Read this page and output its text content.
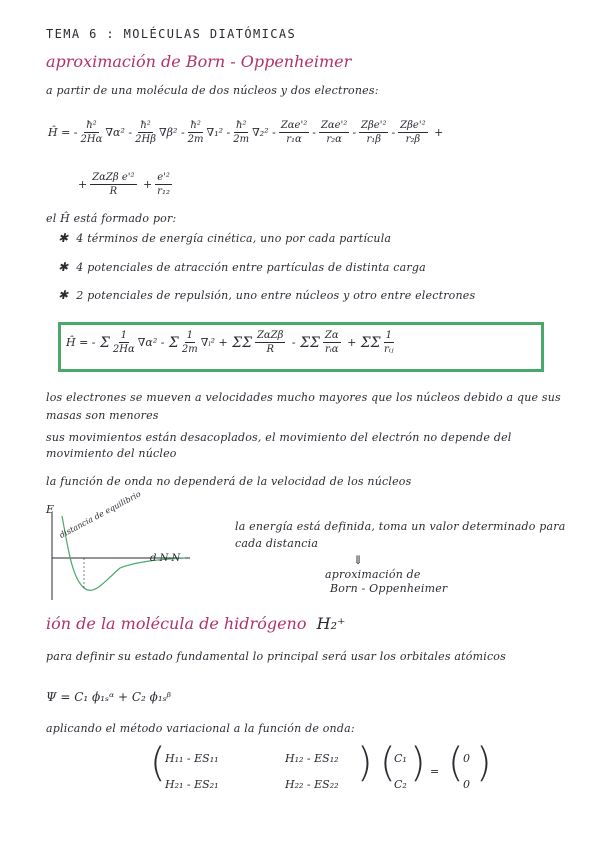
TEMA 6 : MOLÉCULAS DIATÓMICAS
aproximación de Born - Oppenheimer
a partir de una molécula de dos núcleos y dos electrones:
Ĥ = - $\frac{\text{ħ²}}{2H\alpha} \nabla\alpha^2 - \frac{\text{ħ²}}{2H\beta} \nabla\beta^2 - \frac{\text{ħ²}}{2m} \nabla_1^2 - \frac{\text{ħ²}}{2m} \nabla_2^2 - \frac{\text{Zαe'²}}{\text{r₁α}} - \frac{\text{Zαe'²}}{\text{r₂α}} - \frac{\text{Zβe'²}}{\text{r₁β}} - \frac{\text{Zβe'²}}{\text{r₂β}}$ +
+ $\frac{\text{ZαZβ e'²}}{R} + \frac{\text{e'²}}{\text{r₁₂}}$
el Ĥ está formado por:
✱  4 términos de energía cinética, uno por cada partícula
✱  4 potenciales de atracción entre partículas de distinta carga
✱  2 potenciales de repulsión, uno entre núcleos y otro entre electrones
Ĥ = - Σ $\frac{1}{2H\alpha} \nabla\alpha^2$ - Σ $\frac{1}{2m}$ ∇ᵢ² + ΣΣ $\frac{\text{ZαZβ}}{R} - \Sigma\Sigma \frac{Z\alpha}{\text{rᵢα}} + \Sigma\Sigma \frac{1}{\text{rᵢⱼ}}$
los electrones se mueven a velocidades mucho mayores que los núcleos debido a que sus masas son menores
sus movimientos están desacoplados, el movimiento del electrón no depende del movimiento del núcleo
la función de onda no dependerá de la velocidad de los núcleos
E
d N N
distancia de equilibrio	la energía está definida, toma un valor determinado para cada distancia
⇓
aproximación de
Born - Oppenheimer
ión de la molécula de hidrógeno H₂⁺
para definir su estado fundamental lo principal será usar los orbitales atómicos
Ψ = C₁ ϕ₁ₛᵅ + C₂ ϕ₁ₛᵝ
aplicando el método variacional a la función de onda:
( H₁₁ - ES₁₁	H₁₂ - ES₁₂
H₂₁ - ES₂₁	H₂₂ - ES₂₂ ) (
C₁
C₂ ) = ( 0
0 )
